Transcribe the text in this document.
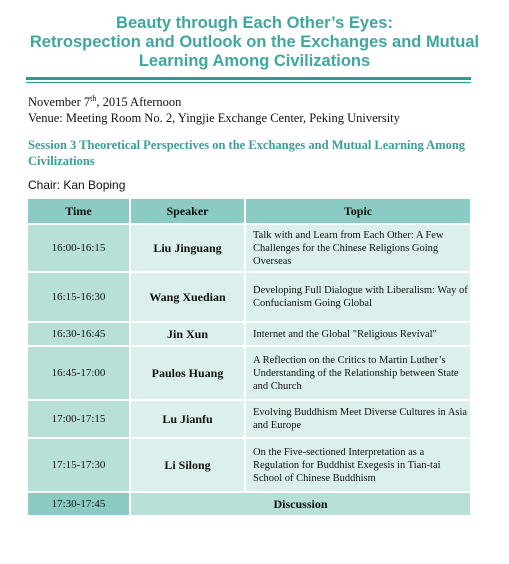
Beauty through Each Other’s Eyes:
Retrospection and Outlook on the Exchanges and Mutual
Learning Among Civilizations
November 7th, 2015 Afternoon
Venue: Meeting Room No. 2, Yingjie Exchange Center, Peking University
Session 3 Theoretical Perspectives on the Exchanges and Mutual Learning Among Civilizations
Chair: Kan Boping
Time	Speaker	Topic
16:00-16:15	Liu Jinguang	Talk with and Learn from Each Other: A Few Challenges for the Chinese Religions Going Overseas
16:15-16:30	Wang Xuedian	Developing Full Dialogue with Liberalism: Way of Confucianism Going Global
16:30-16:45	Jin Xun	Internet and the Global "Religious Revival"
16:45-17:00	Paulos Huang	A Reflection on the Critics to Martin Luther’s Understanding of the Relationship between State and Church
17:00-17:15	Lu Jianfu	Evolving Buddhism Meet Diverse Cultures in Asia and Europe
17:15-17:30	Li Silong	On the Five-sectioned Interpretation as a Regulation for Buddhist Exegesis in Tian-tai School of Chinese Buddhism
17:30-17:45	Discussion	
